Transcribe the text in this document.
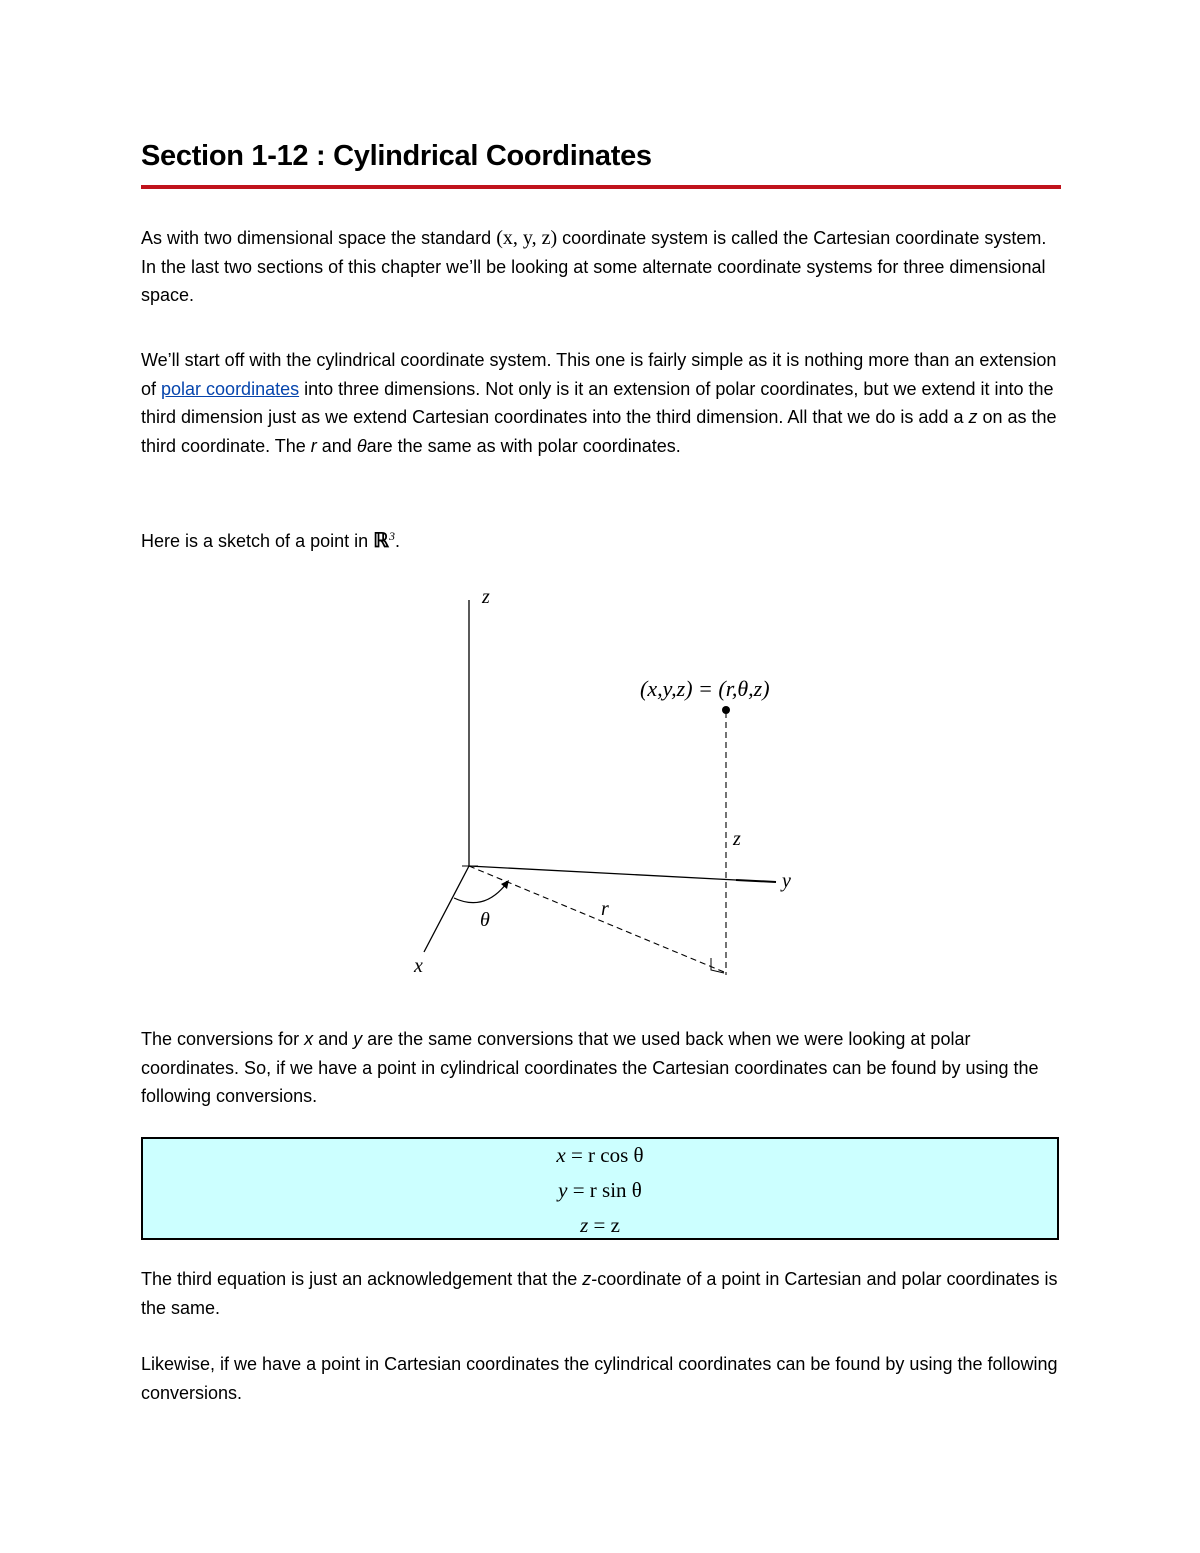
Section 1-12 : Cylindrical Coordinates

As with two dimensional space the standard (x, y, z) coordinate system is called the Cartesian coordinate system. In the last two sections of this chapter we’ll be looking at some alternate coordinate systems for three dimensional space.

We’ll start off with the cylindrical coordinate system. This one is fairly simple as it is nothing more than an extension of polar coordinates into three dimensions. Not only is it an extension of polar coordinates, but we extend it into the third dimension just as we extend Cartesian coordinates into the third dimension. All that we do is add a z on as the third coordinate. The r and θare the same as with polar coordinates.

Here is a sketch of a point in ℝ$^3$.

z
y
x
(x,y,z) = (r,θ,z)
z
r
θ

The conversions for x and y are the same conversions that we used back when we were looking at polar coordinates. So, if we have a point in cylindrical coordinates the Cartesian coordinates can be found by using the following conversions.

x = r cos θ
y = r sin θ
z = z

The third equation is just an acknowledgement that the z-coordinate of a point in Cartesian and polar coordinates is the same.

Likewise, if we have a point in Cartesian coordinates the cylindrical coordinates can be found by using the following conversions.
